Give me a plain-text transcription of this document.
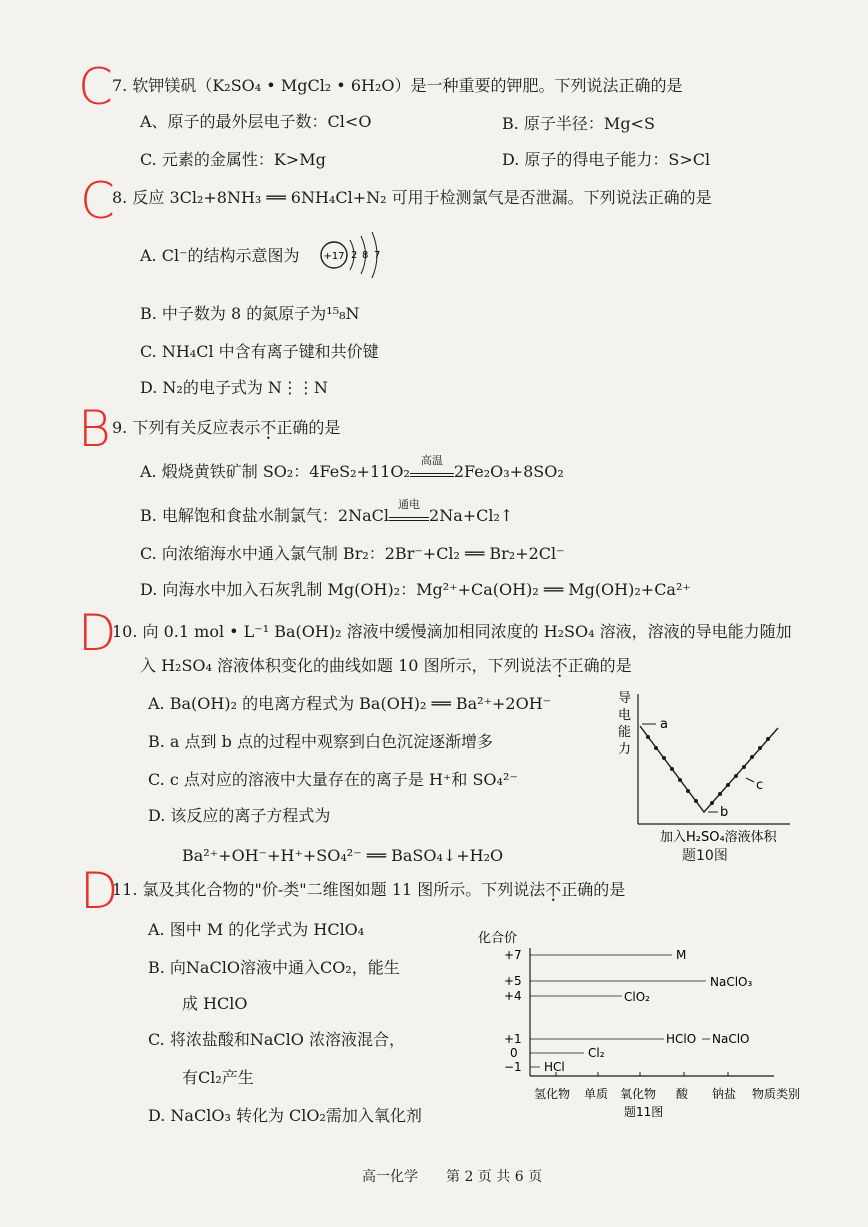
C
C
B
D
D
7. 软钾镁矾（K₂SO₄ • MgCl₂ • 6H₂O）是一种重要的钾肥。下列说法正确的是
A、原子的最外层电子数：Cl<O	B. 原子半径：Mg<S
C. 元素的金属性：K>Mg	D. 原子的得电子能力：S>Cl
8. 反应 3Cl₂+8NH₃ ══ 6NH₄Cl+N₂ 可用于检测氯气是否泄漏。下列说法正确的是
A. Cl⁻的结构示意图为 +17 2 8 7
B. 中子数为 8 的氮原子为¹⁵₈N
C. NH₄Cl 中含有离子键和共价键
D. N₂的电子式为 N⋮⋮N
9. 下列有关反应表示不正确的是
A. 煅烧黄铁矿制 SO₂：4FeS₂+11O₂
高温
2Fe₂O₃+8SO₂
B. 电解饱和食盐水制氯气：2NaCl
通电
2Na+Cl₂↑
C. 向浓缩海水中通入氯气制 Br₂：2Br⁻+Cl₂ ══ Br₂+2Cl⁻
D. 向海水中加入石灰乳制 Mg(OH)₂：Mg²⁺+Ca(OH)₂ ══ Mg(OH)₂+Ca²⁺
10. 向 0.1 mol • L⁻¹ Ba(OH)₂ 溶液中缓慢滴加相同浓度的 H₂SO₄ 溶液，溶液的导电能力随加
入 H₂SO₄ 溶液体积变化的曲线如题 10 图所示，下列说法不正确的是
A. Ba(OH)₂ 的电离方程式为 Ba(OH)₂ ══ Ba²⁺+2OH⁻
B. a 点到 b 点的过程中观察到白色沉淀逐渐增多
C. c 点对应的溶液中大量存在的离子是 H⁺和 SO₄²⁻
D. 该反应的离子方程式为
Ba²⁺+OH⁻+H⁺+SO₄²⁻ ══ BaSO₄↓+H₂O
导
电
能
力
a
b
c
加入H₂SO₄溶液体积
题10图
11. 氯及其化合物的"价-类"二维图如题 11 图所示。下列说法不正确的是
A. 图中 M 的化学式为 HClO₄
B. 向NaClO溶液中通入CO₂，能生
成 HClO
C. 将浓盐酸和NaClO 浓溶液混合，
有Cl₂产生
D. NaClO₃ 转化为 ClO₂需加入氧化剂
化合价
+7
+5
+4
+1
0
−1
M
NaClO₃
ClO₂
HClO NaClO
Cl₂
HCl
氢化物 单质 氧化物 酸 钠盐 物质类别
题11图
高一化学 第 2 页 共 6 页
